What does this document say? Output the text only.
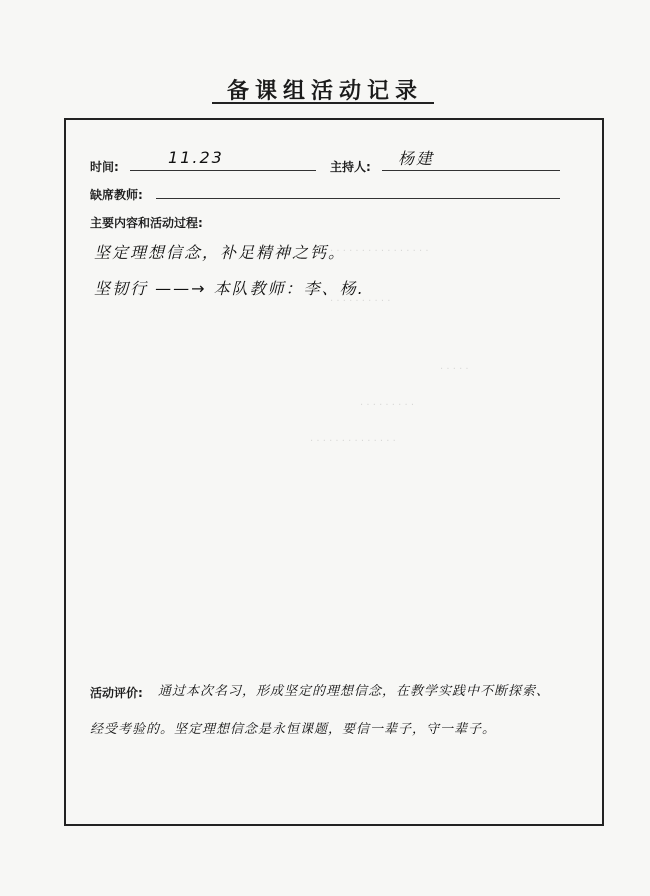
备课组活动记录
时间:	11.23	主持人: 杨建
缺席教师:
主要内容和活动过程:
坚定理想信念，补足精神之钙。
坚韧行 ——→ 本队教师：李、杨.
· · · · · · · · · · · · · · · ·
· · · · · · · · · ·
· · · · ·
· · · · · · · · ·
· · · · · · · · · · · · · ·
活动评价: 通过本次名习，形成坚定的理想信念，在教学实践中不断探索、
经受考验的。坚定理想信念是永恒课题，要信一辈子，守一辈子。
